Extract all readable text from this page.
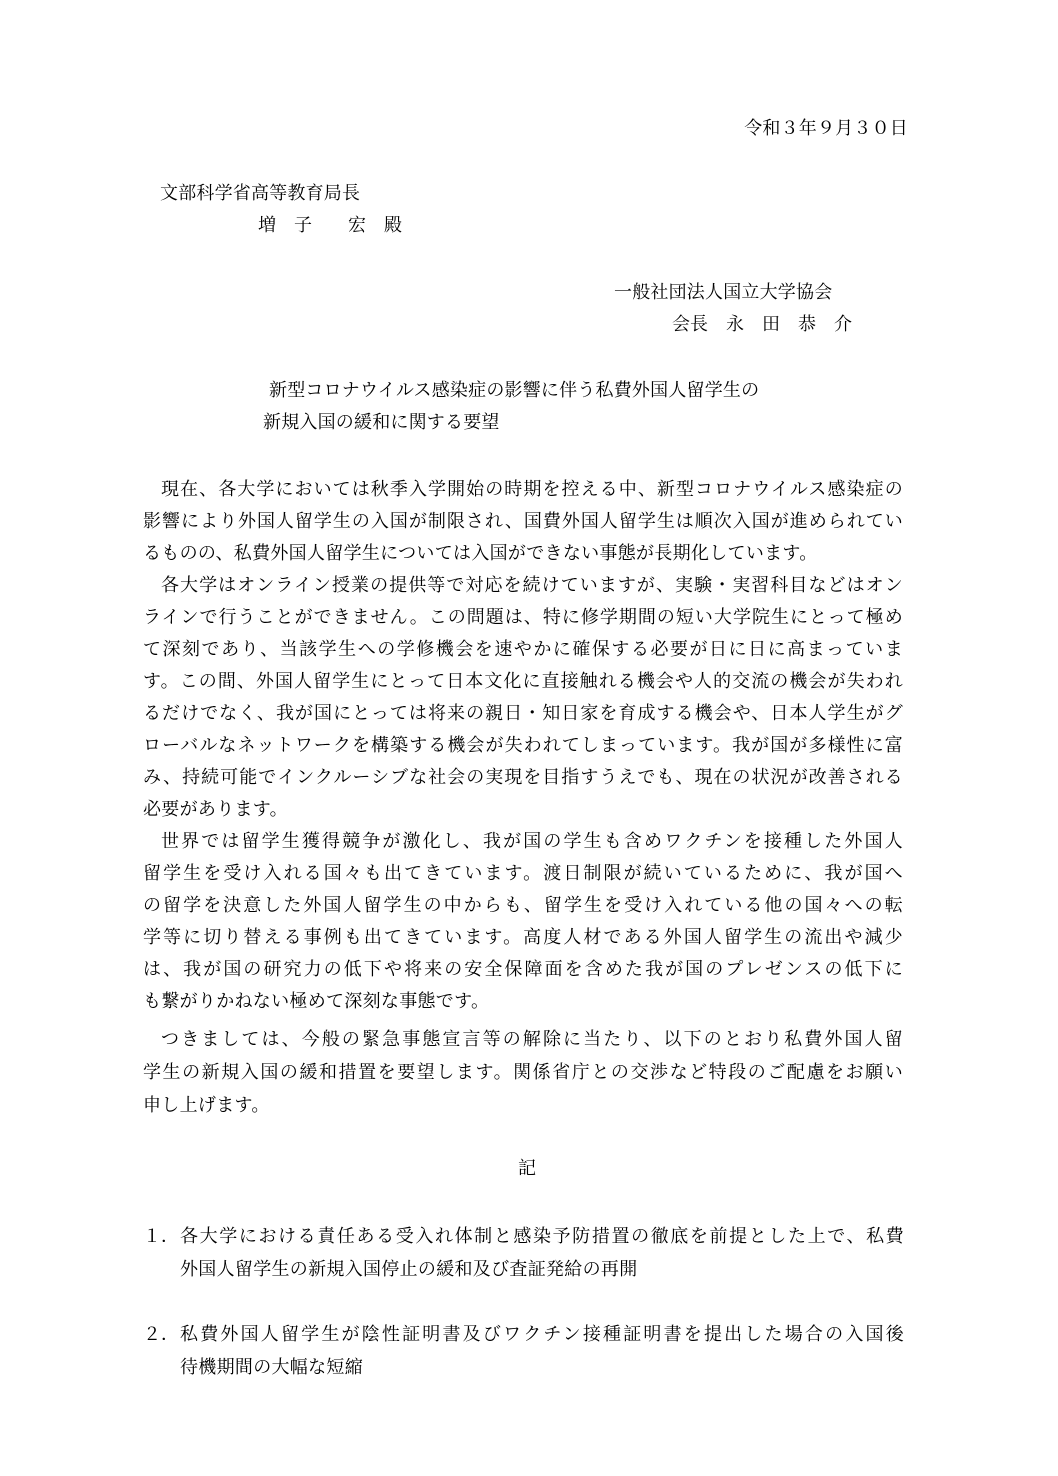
令和３年９月３０日
文部科学省高等教育局長
増　子　　宏　殿
一般社団法人国立大学協会
会長　永　田　恭　介
新型コロナウイルス感染症の影響に伴う私費外国人留学生の
新規入国の緩和に関する要望
現在、各大学においては秋季入学開始の時期を控える中、新型コロナウイルス感染症の
影響により外国人留学生の入国が制限され、国費外国人留学生は順次入国が進められてい
るものの、私費外国人留学生については入国ができない事態が長期化しています。
各大学はオンライン授業の提供等で対応を続けていますが、実験・実習科目などはオン
ラインで行うことができません。この問題は、特に修学期間の短い大学院生にとって極め
て深刻であり、当該学生への学修機会を速やかに確保する必要が日に日に高まっていま
す。この間、外国人留学生にとって日本文化に直接触れる機会や人的交流の機会が失われ
るだけでなく、我が国にとっては将来の親日・知日家を育成する機会や、日本人学生がグ
ローバルなネットワークを構築する機会が失われてしまっています。我が国が多様性に富
み、持続可能でインクルーシブな社会の実現を目指すうえでも、現在の状況が改善される
必要があります。
世界では留学生獲得競争が激化し、我が国の学生も含めワクチンを接種した外国人
留学生を受け入れる国々も出てきています。渡日制限が続いているために、我が国へ
の留学を決意した外国人留学生の中からも、留学生を受け入れている他の国々への転
学等に切り替える事例も出てきています。高度人材である外国人留学生の流出や減少
は、我が国の研究力の低下や将来の安全保障面を含めた我が国のプレゼンスの低下に
も繋がりかねない極めて深刻な事態です。
つきましては、今般の緊急事態宣言等の解除に当たり、以下のとおり私費外国人留
学生の新規入国の緩和措置を要望します。関係省庁との交渉など特段のご配慮をお願い
申し上げます。
記
１． 各大学における責任ある受入れ体制と感染予防措置の徹底を前提とした上で、私費
外国人留学生の新規入国停止の緩和及び査証発給の再開
２． 私費外国人留学生が陰性証明書及びワクチン接種証明書を提出した場合の入国後
待機期間の大幅な短縮
